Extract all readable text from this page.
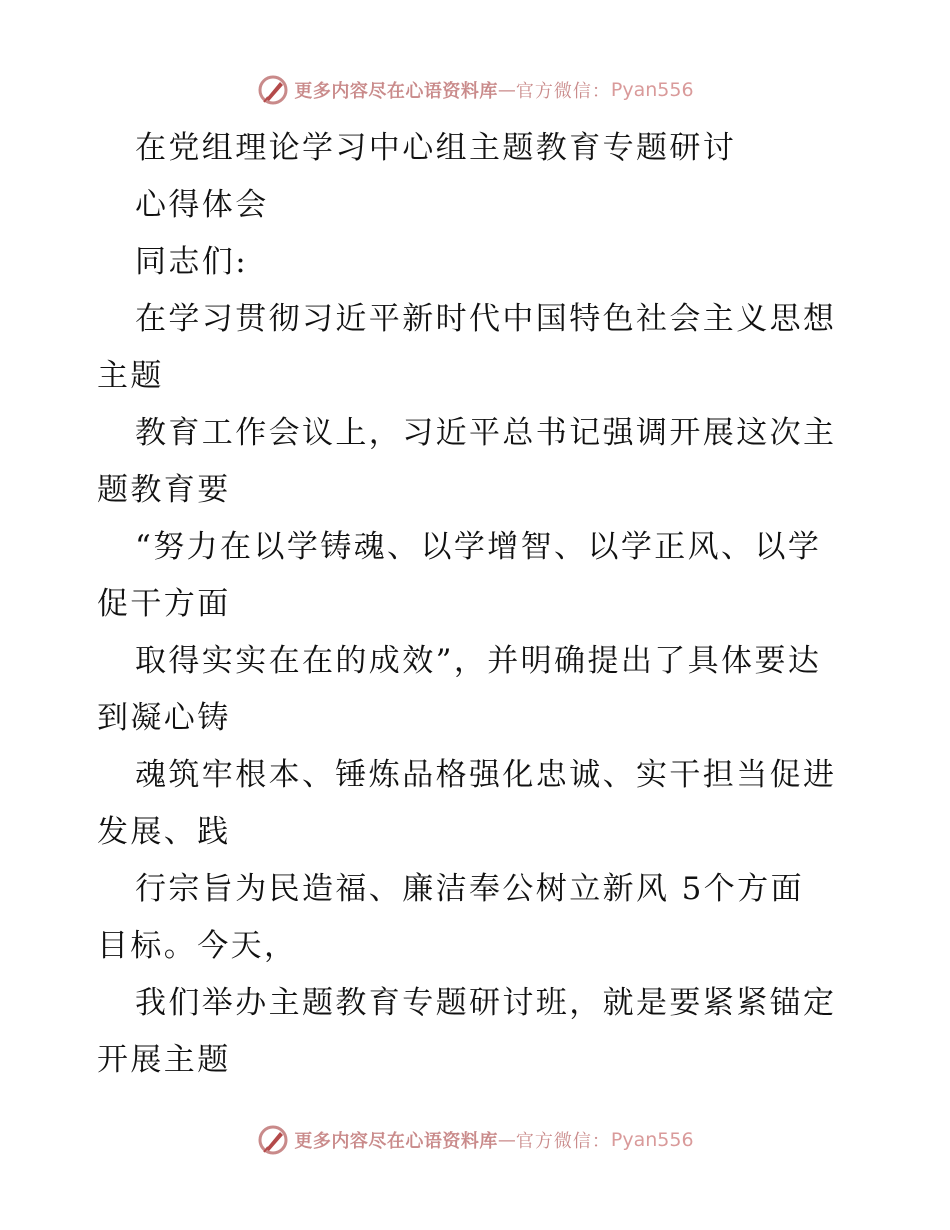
更多内容尽在心语资料库 — 官方微信： Pyan556
在党组理论学习中心组主题教育专题研讨
心得体会
同志们:
在学习贯彻习近平新时代中国特色社会主义思想
主题
教育工作会议上，习近平总书记强调开展这次主
题教育要
“努力在以学铸魂、以学增智、以学正风、以学
促干方面
取得实实在在的成效”，并明确提出了具体要达
到凝心铸
魂筑牢根本、锤炼品格强化忠诚、实干担当促进
发展、践
行宗旨为民造福、廉洁奉公树立新风 5个方面
目标。今天，
我们举办主题教育专题研讨班，就是要紧紧锚定
开展主题
更多内容尽在心语资料库 — 官方微信： Pyan556
